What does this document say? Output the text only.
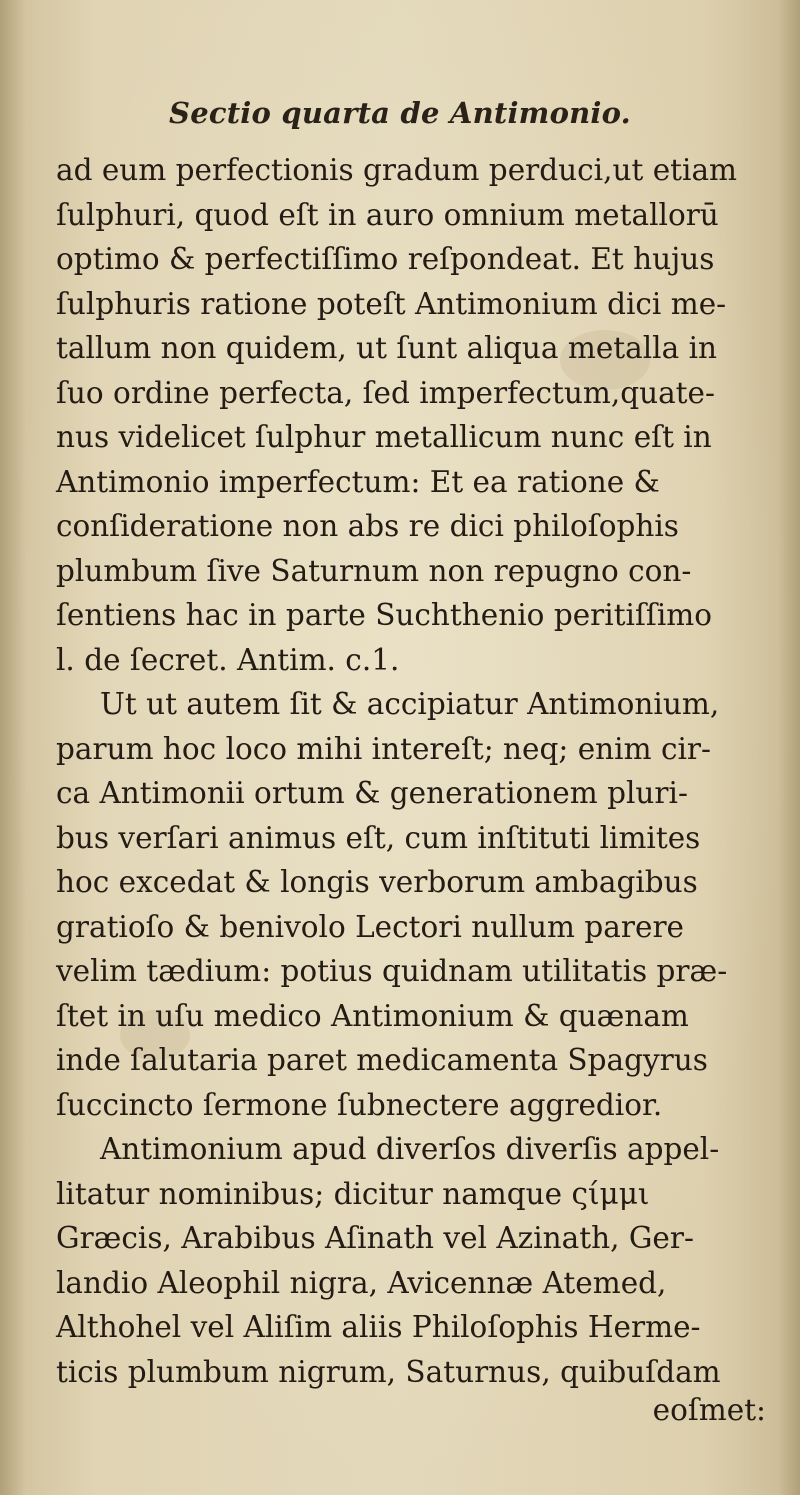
Sectio quarta de Antimonio.
ad eum perfectionis gradum perduci,ut etiam
ſulphuri, quod eſt in auro omnium metallorū
optimo & perfectiſſimo reſpondeat. Et hujus
ſulphuris ratione poteſt Antimonium dici me-
tallum non quidem, ut ſunt aliqua metalla in
ſuo ordine perfecta, ſed imperfectum,quate-
nus videlicet ſulphur metallicum nunc eſt in
Antimonio imperfectum: Et ea ratione &
conſideratione non abs re dici philoſophis
plumbum ſive Saturnum non repugno con-
ſentiens hac in parte Suchthenio peritiſſimo
l. de ſecret. Antim. c.1.
Ut ut autem ſit & accipiatur Antimonium,
parum hoc loco mihi intereſt; neq; enim cir-
ca Antimonii ortum & generationem pluri-
bus verſari animus eſt, cum inſtituti limites
hoc excedat & longis verborum ambagibus
gratioſo & benivolo Lectori nullum parere
velim tædium: potius quidnam utilitatis præ-
ſtet in uſu medico Antimonium & quænam
inde ſalutaria paret medicamenta Spagyrus
ſuccincto ſermone ſubnectere aggredior.
Antimonium apud diverſos diverſis appel-
litatur nominibus; dicitur namque ςίμμι
Græcis, Arabibus Aſinath vel Azinath, Ger-
landio Aleophil nigra, Avicennæ Atemed,
Althohel vel Aliſim aliis Philoſophis Herme-
ticis plumbum nigrum, Saturnus, quibuſdam
eoſmet:
